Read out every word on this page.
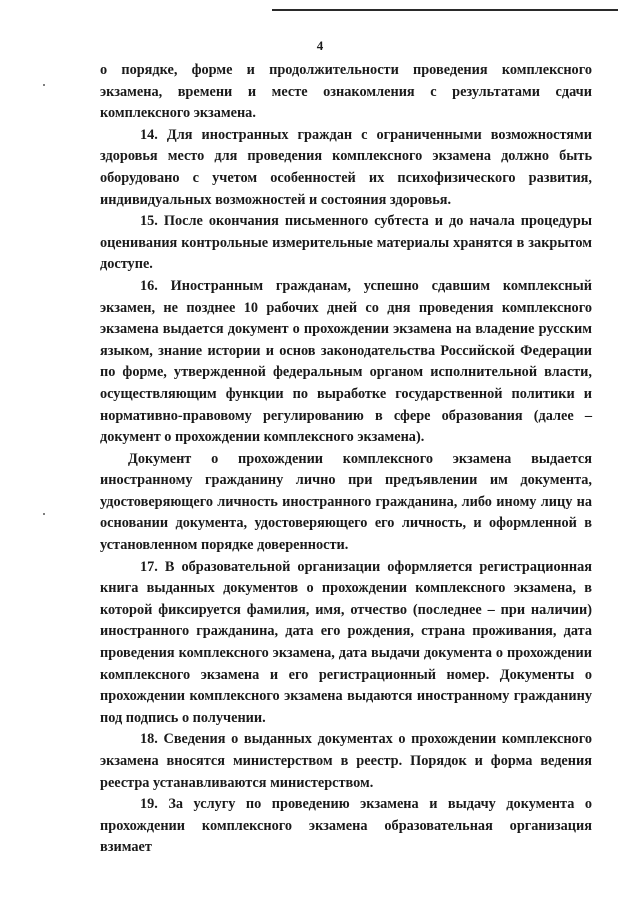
4

о порядке, форме и продолжительности проведения комплексного экзамена, времени и месте ознакомления с результатами сдачи комплексного экзамена.

14. Для иностранных граждан с ограниченными возможностями здоровья место для проведения комплексного экзамена должно быть оборудовано с учетом особенностей их психофизического развития, индивидуальных возможностей и состояния здоровья.

15. После окончания письменного субтеста и до начала процедуры оценивания контрольные измерительные материалы хранятся в закрытом доступе.

16. Иностранным гражданам, успешно сдавшим комплексный экзамен, не позднее 10 рабочих дней со дня проведения комплексного экзамена выдается документ о прохождении экзамена на владение русским языком, знание истории и основ законодательства Российской Федерации по форме, утвержденной федеральным органом исполнительной власти, осуществляющим функции по выработке государственной политики и нормативно-правовому регулированию в сфере образования (далее – документ о прохождении комплексного экзамена).

Документ о прохождении комплексного экзамена выдается иностранному гражданину лично при предъявлении им документа, удостоверяющего личность иностранного гражданина, либо иному лицу на основании документа, удостоверяющего его личность, и оформленной в установленном порядке доверенности.

17. В образовательной организации оформляется регистрационная книга выданных документов о прохождении комплексного экзамена, в которой фиксируется фамилия, имя, отчество (последнее – при наличии) иностранного гражданина, дата его рождения, страна проживания, дата проведения комплексного экзамена, дата выдачи документа о прохождении комплексного экзамена и его регистрационный номер. Документы о прохождении комплексного экзамена выдаются иностранному гражданину под подпись о получении.

18. Сведения о выданных документах о прохождении комплексного экзамена вносятся министерством в реестр. Порядок и форма ведения реестра устанавливаются министерством.

19. За услугу по проведению экзамена и выдачу документа о прохождении комплексного экзамена образовательная организация взимает
